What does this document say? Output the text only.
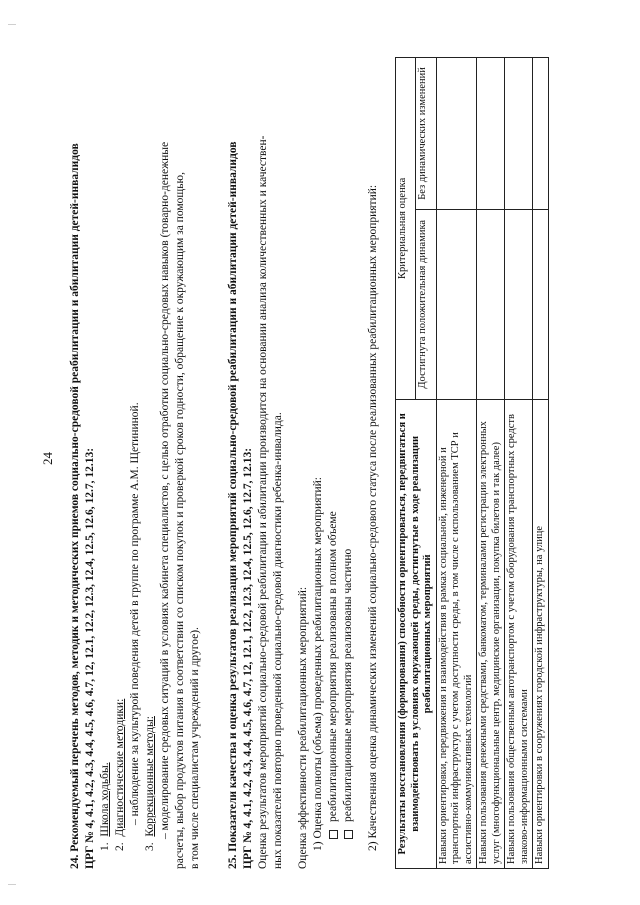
24 24. Рекомендуемый перечень методов, методик и методических приемов социально-средовой реабилитации и абилитации детей-инвалидов ЦРГ № 4, 4.1, 4.2, 4.3, 4.4, 4.5, 4.6, 4.7, 12, 12.1, 12.2, 12.3, 12.4, 12.5, 12.6, 12.7, 12.13: 1.  Школа ходьбы.
2.  Диагностические методики: – наблюдение за культурой поведения детей в группе по программе А.М. Щетининой.
3.  Коррекционные методы: – моделирование средовых ситуаций в условиях кабинета специалистов, с целью отработки социально-средовых навыков (товарно-денежные расчеты, выбор продуктов питания в соответствии со списком покупок и проверкой сроков годности, обращение к окружающим за помощью, в том числе специалистам учреждений и другое). 25. Показатели качества и оценка результатов реализации мероприятий социально-средовой реабилитации и абилитации детей-инвалидов ЦРГ № 4, 4.1, 4.2, 4.3, 4.4, 4.5, 4.6, 4.7, 12, 12.1, 12.2, 12.3, 12.4, 12.5, 12.6, 12.7, 12.13: Оценка результатов мероприятий социально-средовой реабилитации и абилитации производится на основании анализа количественных и качествен- ных показателей повторно проведенной социально-средовой диагностики ребенка-инвалида. Оценка эффективности реабилитационных мероприятий: 1) Оценка полноты (объема) проведенных реабилитационных мероприятий: реабилитационные мероприятия реализованы в полном объеме реабилитационные мероприятия реализованы частично 2) Качественная оценка динамических изменений социально-средового статуса после реализованных реабилитационных мероприятий: Результаты восстановления (формирования) способности ориентироваться, передвигаться и взаимодействовать в условиях окружающей среды, достигнутые в ходе реализации реабилитационных мероприятий	Критериальная оценка	
	Достигнута положительная динамика	Без динамических изменений
Навыки ориентировки, передвижения и взаимодействия в рамках социальной, инженерной и транспортной инфраструктур с учетом доступности среды, в том числе с использованием ТСР и ассистивно-коммуникативных технологий		
Навыки пользования денежными средствами, банкоматом, терминалами регистрации электронных услуг (многофункциональные центр, медицинские организации, покупка билетов и так далее)		
Навыки пользования общественным автотранспортом с учетом оборудования транспортных средств знаково-информационными системами		
Навыки ориентировки в сооружениях городской инфраструктуры, на улице		
